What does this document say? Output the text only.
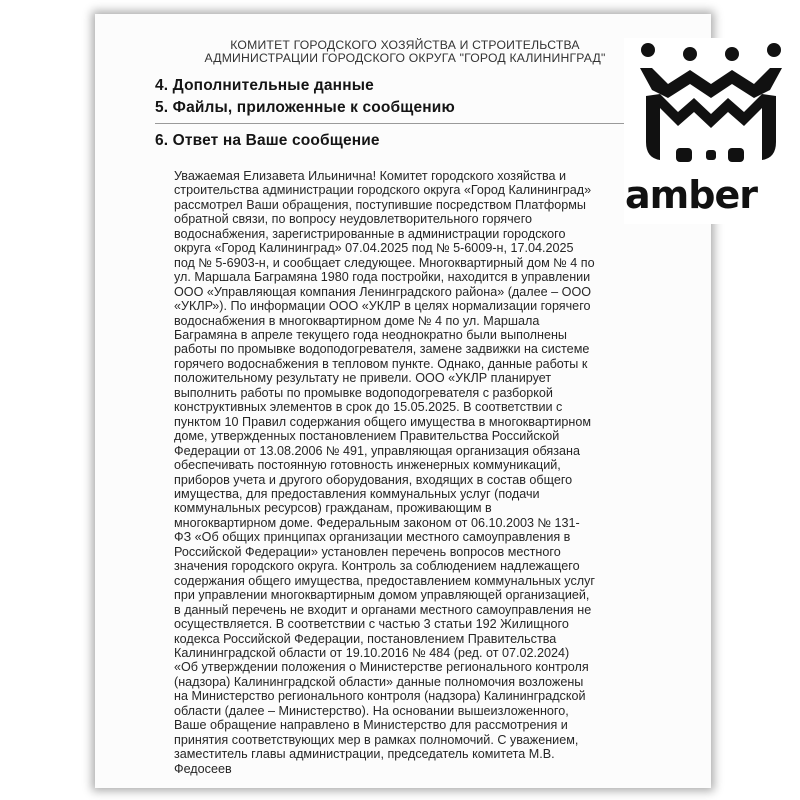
КОМИТЕТ ГОРОДСКОГО ХОЗЯЙСТВА И СТРОИТЕЛЬСТВА
АДМИНИСТРАЦИИ ГОРОДСКОГО ОКРУГА "ГОРОД КАЛИНИНГРАД"
4. Дополнительные данные
5. Файлы, приложенные к сообщению
6. Ответ на Ваше сообщение
Уважаемая Елизавета Ильинична! Комитет городского хозяйства и
строительства администрации городского округа «Город Калининград»
рассмотрел Ваши обращения, поступившие посредством Платформы
обратной связи, по вопросу неудовлетворительного горячего
водоснабжения, зарегистрированные в администрации городского
округа «Город Калининград» 07.04.2025 под № 5-6009-н, 17.04.2025
под № 5-6903-н, и сообщает следующее. Многоквартирный дом № 4 по
ул. Маршала Баграмяна 1980 года постройки, находится в управлении
ООО «Управляющая компания Ленинградского района» (далее – ООО
«УКЛР»). По информации ООО «УКЛР в целях нормализации горячего
водоснабжения в многоквартирном доме № 4 по ул. Маршала
Баграмяна в апреле текущего года неоднократно были выполнены
работы по промывке водоподогревателя, замене задвижки на системе
горячего водоснабжения в тепловом пункте. Однако, данные работы к
положительному результату не привели. ООО «УКЛР планирует
выполнить работы по промывке водоподогревателя с разборкой
конструктивных элементов в срок до 15.05.2025. В соответствии с
пунктом 10 Правил содержания общего имущества в многоквартирном
доме, утвержденных постановлением Правительства Российской
Федерации от 13.08.2006 № 491, управляющая организация обязана
обеспечивать постоянную готовность инженерных коммуникаций,
приборов учета и другого оборудования, входящих в состав общего
имущества, для предоставления коммунальных услуг (подачи
коммунальных ресурсов) гражданам, проживающим в
многоквартирном доме. Федеральным законом от 06.10.2003 № 131-
ФЗ «Об общих принципах организации местного самоуправления в
Российской Федерации» установлен перечень вопросов местного
значения городского округа. Контроль за соблюдением надлежащего
содержания общего имущества, предоставлением коммунальных услуг
при управлении многоквартирным домом управляющей организацией,
в данный перечень не входит и органами местного самоуправления не
осуществляется. В соответствии с частью 3 статьи 192 Жилищного
кодекса Российской Федерации, постановлением Правительства
Калининградской области от 19.10.2016 № 484 (ред. от 07.02.2024)
«Об утверждении положения о Министерстве регионального контроля
(надзора) Калининградской области» данные полномочия возложены
на Министерство регионального контроля (надзора) Калининградской
области (далее – Министерство). На основании вышеизложенного,
Ваше обращение направлено в Министерство для рассмотрения и
принятия соответствующих мер в рамках полномочий. С уважением,
заместитель главы администрации, председатель комитета М.В.
Федосеев
amber
